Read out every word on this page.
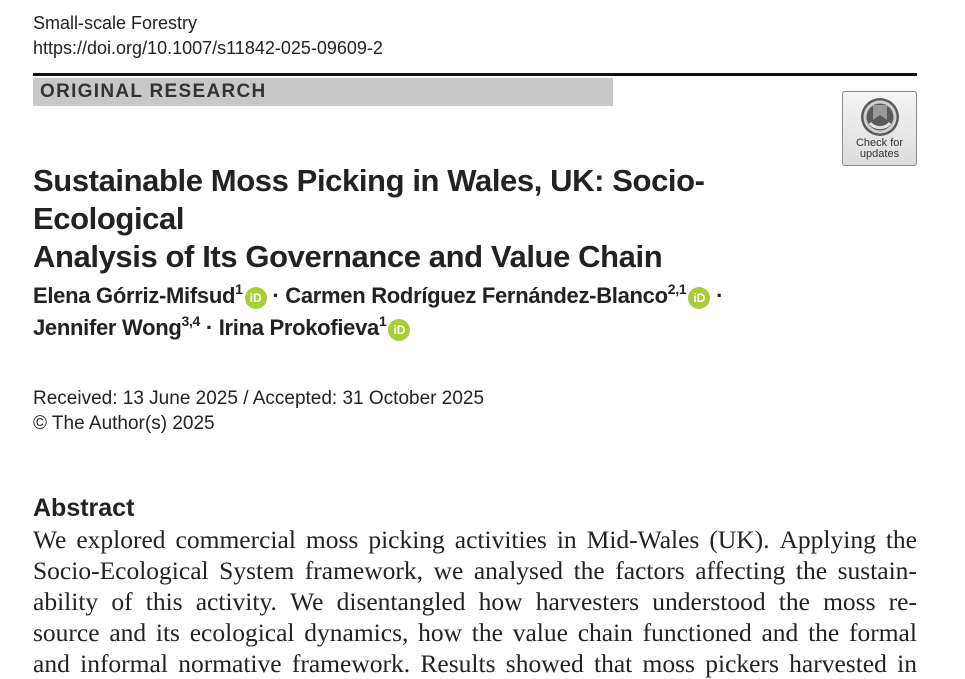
Small-scale Forestry
https://doi.org/10.1007/s11842-025-09609-2
ORIGINAL RESEARCH
Check for
updates
Sustainable Moss Picking in Wales, UK: Socio-Ecological
Analysis of Its Governance and Value Chain
Elena Górriz-Mifsud$^1$iD · Carmen Rodríguez Fernández-Blanco$^{2,1}$iD ·
Jennifer Wong$^{3,4}$ · Irina Prokofieva$^1$iD
Received: 13 June 2025 / Accepted: 31 October 2025
© The Author(s) 2025
Abstract
We explored commercial moss picking activities in Mid-Wales (UK). Applying the
Socio-Ecological System framework, we analysed the factors affecting the sustain-
ability of this activity. We disentangled how harvesters understood the moss re-
source and its ecological dynamics, how the value chain functioned and the formal
and informal normative framework. Results showed that moss pickers harvested in
